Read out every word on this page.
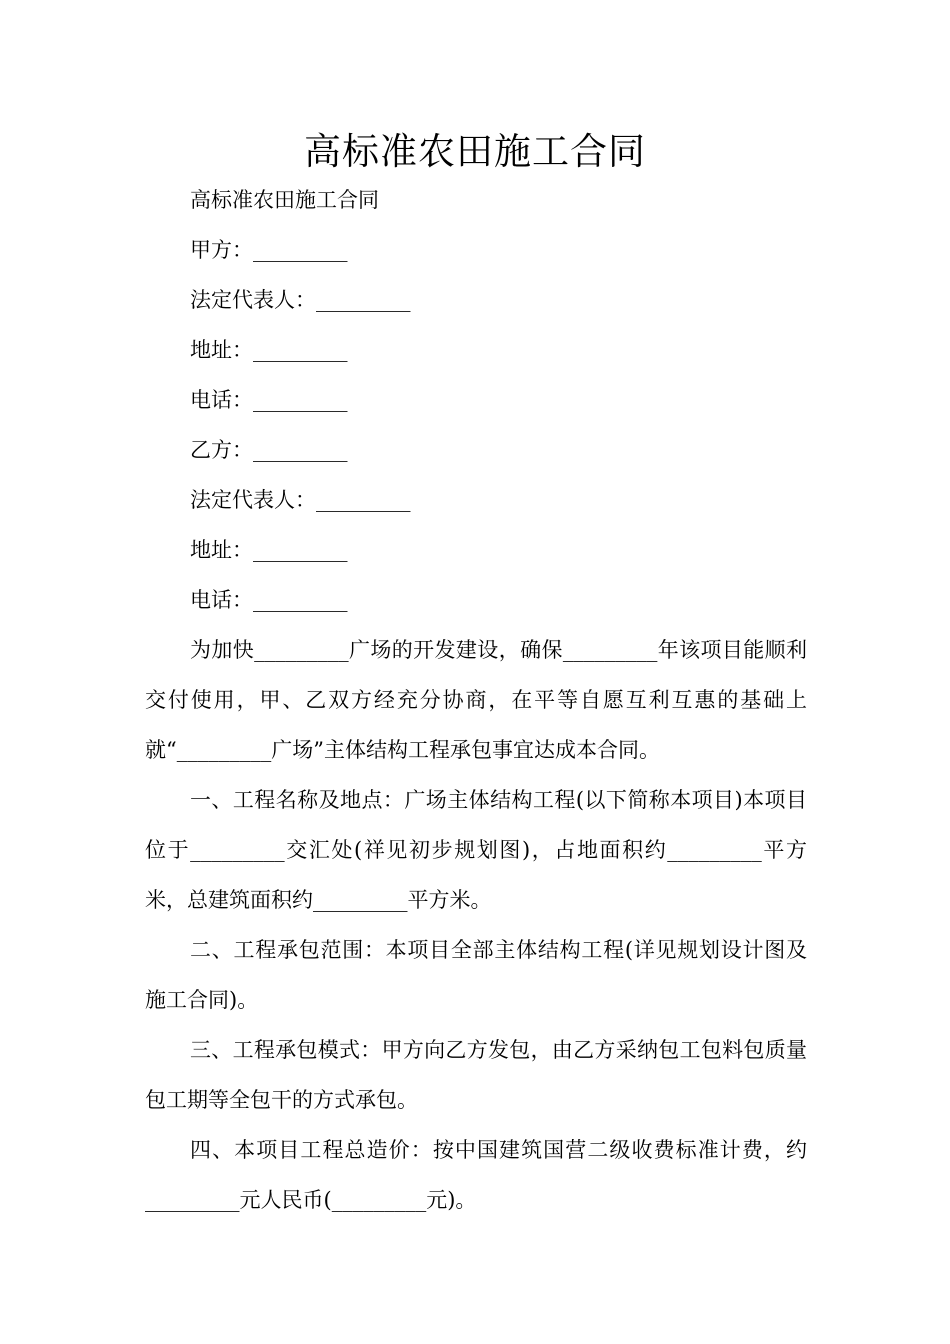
高标准农田施工合同
高标准农田施工合同
甲方：_________
法定代表人：_________
地址：_________
电话：_________
乙方：_________
法定代表人：_________
地址：_________
电话：_________

为加快_________广场的开发建设，确保_________年该项目能顺利交付使用，甲、乙双方经充分协商，在平等自愿互利互惠的基础上就“_________广场”主体结构工程承包事宜达成本合同。

一、工程名称及地点：广场主体结构工程(以下简称本项目)本项目位于_________交汇处(祥见初步规划图)，占地面积约_________平方米，总建筑面积约_________平方米。

二、工程承包范围：本项目全部主体结构工程(详见规划设计图及施工合同)。

三、工程承包模式：甲方向乙方发包，由乙方采纳包工包料包质量包工期等全包干的方式承包。

四、本项目工程总造价：按中国建筑国营二级收费标准计费，约_________元人民币(_________元)。
